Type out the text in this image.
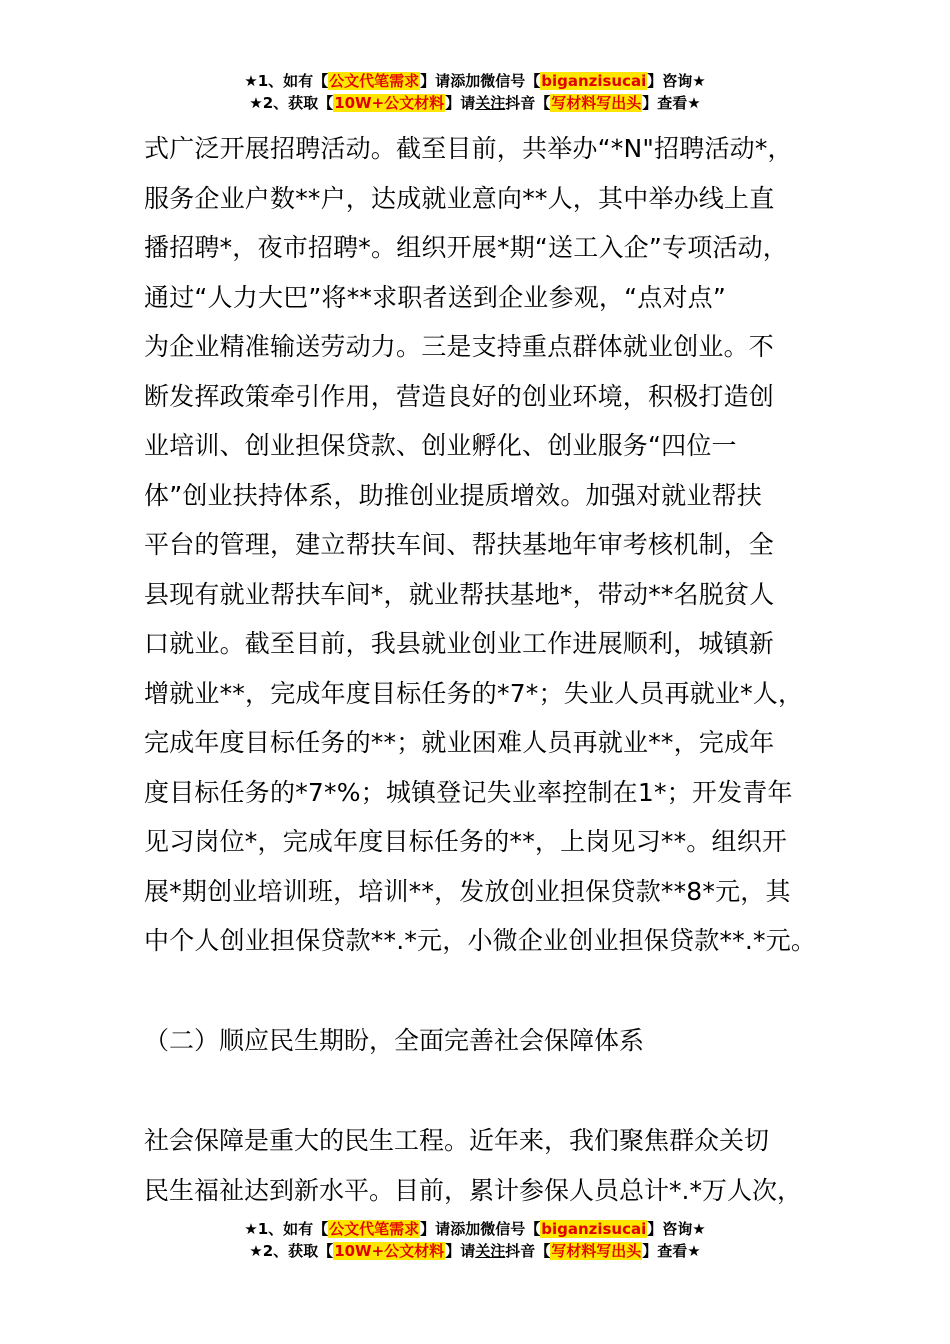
★1、如有【公文代笔需求】请添加微信号【biganzisucai】咨询★
★2、获取【10W+公文材料】请关注抖音【写材料写出头】查看★
式广泛开展招聘活动。截至目前，共举办“*N"招聘活动*，
服务企业户数**户，达成就业意向**人，其中举办线上直
播招聘*，夜市招聘*。组织开展*期“送工入企”专项活动，
通过“人力大巴”将**求职者送到企业参观，“点对点”
为企业精准输送劳动力。三是支持重点群体就业创业。不
断发挥政策牵引作用，营造良好的创业环境，积极打造创
业培训、创业担保贷款、创业孵化、创业服务“四位一
体”创业扶持体系，助推创业提质增效。加强对就业帮扶
平台的管理，建立帮扶车间、帮扶基地年审考核机制，全
县现有就业帮扶车间*，就业帮扶基地*，带动**名脱贫人
口就业。截至目前，我县就业创业工作进展顺利，城镇新
增就业**，完成年度目标任务的*7*；失业人员再就业*人，
完成年度目标任务的**；就业困难人员再就业**，完成年
度目标任务的*7*%；城镇登记失业率控制在1*；开发青年
见习岗位*，完成年度目标任务的**，上岗见习**。组织开
展*期创业培训班，培训**，发放创业担保贷款**8*元，其
中个人创业担保贷款**.*元，小微企业创业担保贷款**.*元。
（二）顺应民生期盼，全面完善社会保障体系
社会保障是重大的民生工程。近年来，我们聚焦群众关切
民生福祉达到新水平。目前，累计参保人员总计*.*万人次，
★1、如有【公文代笔需求】请添加微信号【biganzisucai】咨询★
★2、获取【10W+公文材料】请关注抖音【写材料写出头】查看★
